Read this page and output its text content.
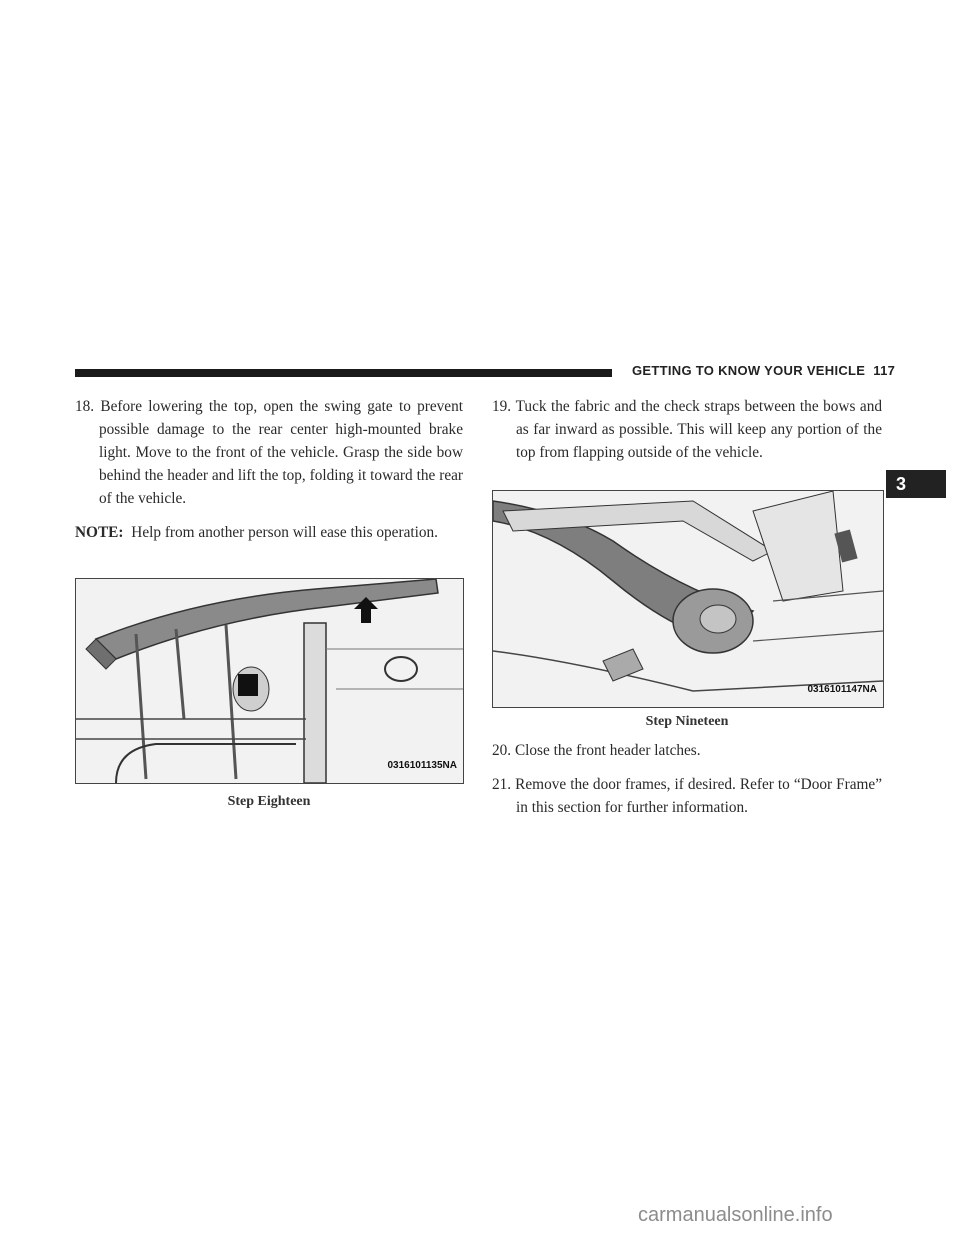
GETTING TO KNOW YOUR VEHICLE 117

18. Before lowering the top, open the swing gate to prevent possible damage to the rear center high-mounted brake light. Move to the front of the vehicle. Grasp the side bow behind the header and lift the top, folding it toward the rear of the vehicle.

NOTE: Help from another person will ease this operation.

0316101135NA
Step Eighteen

19. Tuck the fabric and the check straps between the bows and as far inward as possible. This will keep any portion of the top from flapping outside of the vehicle.

0316101147NA
Step Nineteen

20. Close the front header latches.

21. Remove the door frames, if desired. Refer to “Door Frame” in this section for further information.

3
carmanualsonline.info
